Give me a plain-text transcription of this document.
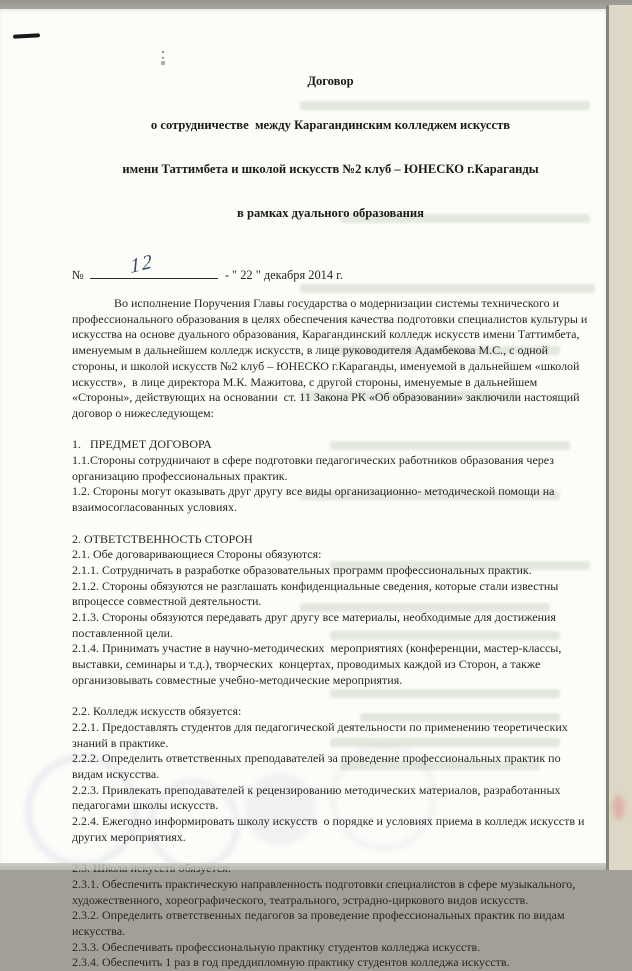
Договор

о сотрудничестве  между Карагандинским колледжем искусств

имени Таттимбета и школой искусств №2 клуб – ЮНЕСКО г.Караганды

в рамках дуального образования

№ 12	- " 22 " декабря 2014 г.

Во исполнение Поручения Главы государства о модернизации системы технического и профессионального образования в целях обеспечения качества подготовки специалистов культуры и искусства на основе дуального образования, Карагандинский колледж искусств имени Таттимбета, именуемым в дальнейшем колледж искусств, в лице руководителя Адамбекова М.С., с одной стороны, и школой искусств №2 клуб – ЮНЕСКО г.Караганды, именуемой в дальнейшем «школой искусств»,  в лице директора М.К. Мажитова, с другой стороны, именуемые в дальнейшем «Стороны», действующих на основании  ст. 11 Закона РК «Об образовании» заключили настоящий договор о нижеследующем:

1.   ПРЕДМЕТ ДОГОВОРА

1.1.Стороны сотрудничают в сфере подготовки педагогических работников образования через организацию профессиональных практик.

1.2. Стороны могут оказывать друг другу все виды организационно- методической помощи на взаимосогласованных условиях.

2. ОТВЕТСТВЕННОСТЬ СТОРОН

2.1. Обе договаривающиеся Стороны обязуются:

2.1.1. Сотрудничать в разработке образовательных программ профессиональных практик.

2.1.2. Стороны обязуются не разглашать конфиденциальные сведения, которые стали известны впроцессе совместной деятельности.

2.1.3. Стороны обязуются передавать друг другу все материалы, необходимые для достижения поставленной цели.

2.1.4. Принимать участие в научно-методических  мероприятиях (конференции, мастер-классы, выставки, семинары и т.д.), творческих  концертах, проводимых каждой из Сторон, а также организовывать совместные учебно-методические мероприятия.

2.2. Колледж искусств обязуется:

2.2.1. Предоставлять студентов для педагогической деятельности по применению теоретических знаний в практике.

2.2.2. Определить ответственных преподавателей за проведение профессиональных практик по видам искусства.

2.2.3. Привлекать преподавателей к рецензированию методических материалов, разработанных педагогами школы искусств.

2.2.4. Ежегодно информировать школу искусств  о порядке и условиях приема в колледж искусств и других мероприятиях.

2.3.1. Обеспечить практическую направленность подготовки специалистов в сфере музыкального, художественного, хореографического, театрального, эстрадно-циркового видов искусств.

2.3.2. Определить ответственных педагогов за проведение профессиональных практик по видам искусства.

2.3.3. Обеспечивать профессиональную практику студентов колледжа искусств.

2.3.4. Обеспечить 1 раз в год преддипломную практику студентов колледжа искусств.
